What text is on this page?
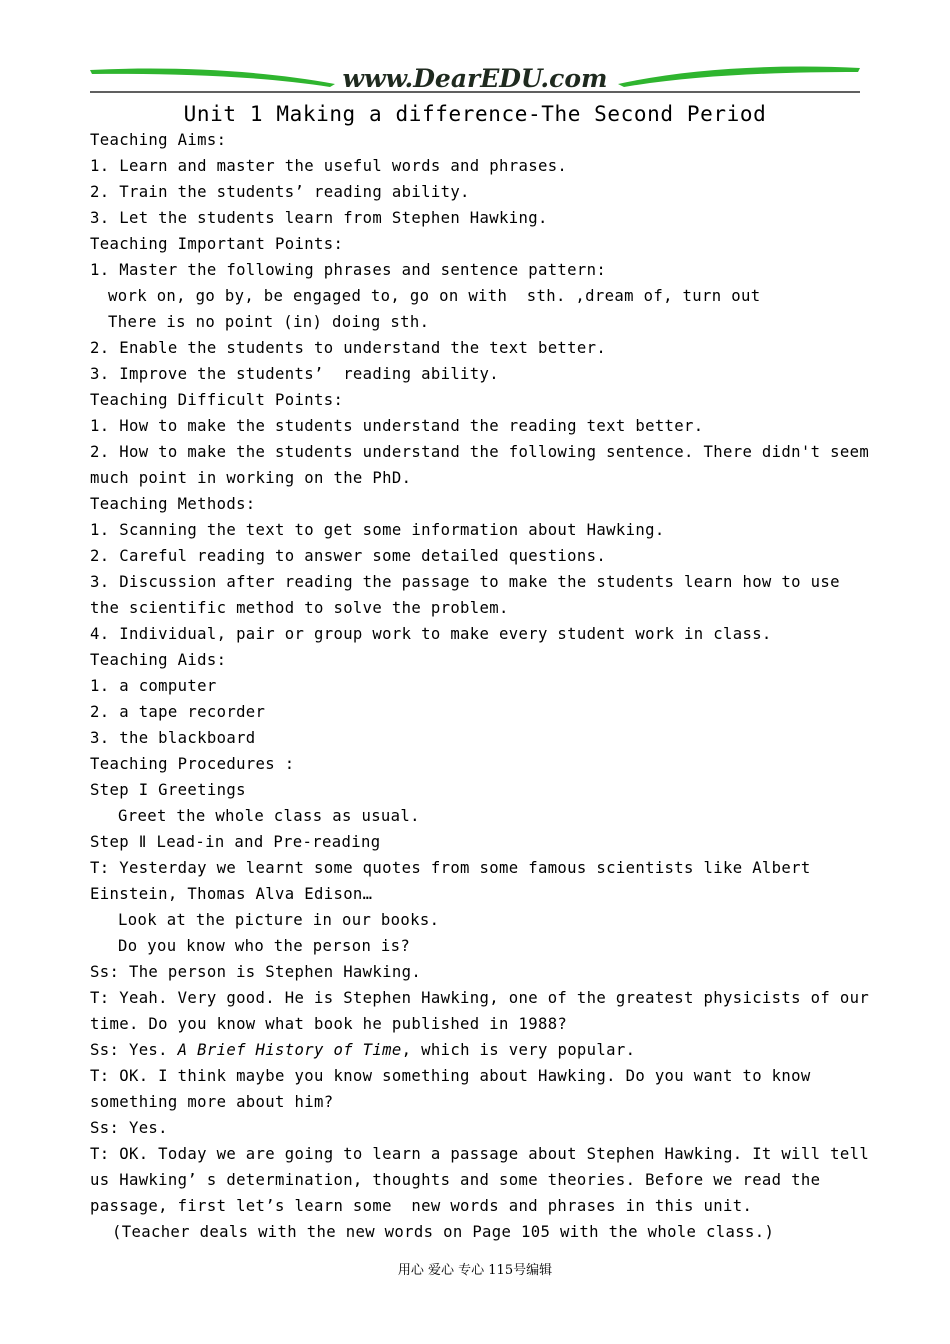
www.DearEDU.com
Unit 1 Making a difference-The Second Period
Teaching Aims:
1. Learn and master the useful words and phrases.
2. Train the students’ reading ability.
3. Let the students learn from Stephen Hawking.
Teaching Important Points:
1. Master the following phrases and sentence pattern:
work on, go by, be engaged to, go on with  sth. ,dream of, turn out
There is no point (in) doing sth.
2. Enable the students to understand the text better.
3. Improve the students’  reading ability.
Teaching Difficult Points:
1. How to make the students understand the reading text better.
2. How to make the students understand the following sentence. There didn't seem
much point in working on the PhD.
Teaching Methods:
1. Scanning the text to get some information about Hawking.
2. Careful reading to answer some detailed questions.
3. Discussion after reading the passage to make the students learn how to use
the scientific method to solve the problem.
4. Individual, pair or group work to make every student work in class.
Teaching Aids:
1. a computer
2. a tape recorder
3. the blackboard
Teaching Procedures :
Step I Greetings
Greet the whole class as usual.
Step Ⅱ Lead-in and Pre-reading
T: Yesterday we learnt some quotes from some famous scientists like Albert
Einstein, Thomas Alva Edison…
Look at the picture in our books.
Do you know who the person is?
Ss: The person is Stephen Hawking.
T: Yeah. Very good. He is Stephen Hawking, one of the greatest physicists of our
time. Do you know what book he published in 1988?
Ss: Yes. A Brief History of Time, which is very popular.
T: OK. I think maybe you know something about Hawking. Do you want to know
something more about him?
Ss: Yes.
T: OK. Today we are going to learn a passage about Stephen Hawking. It will tell
us Hawking’ s determination, thoughts and some theories. Before we read the
passage, first let’s learn some  new words and phrases in this unit.
(Teacher deals with the new words on Page 105 with the whole class.)
用心 爱心 专心 115号编辑
